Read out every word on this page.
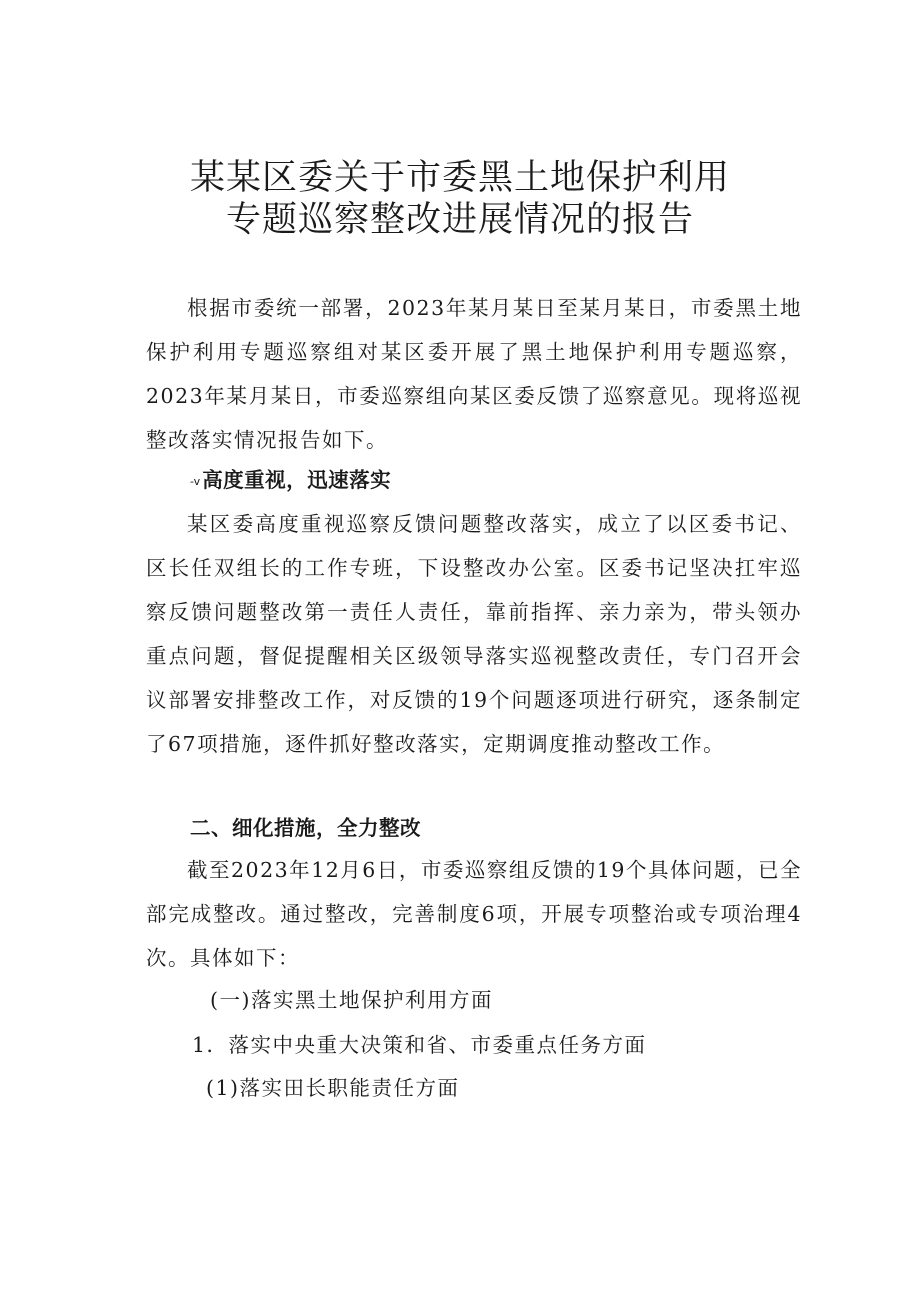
某某区委关于市委黑土地保护利用
专题巡察整改进展情况的报告

根据市委统一部署，2023年某月某日至某月某日，市委黑土地保护利用专题巡察组对某区委开展了黑土地保护利用专题巡察，2023年某月某日，市委巡察组向某区委反馈了巡察意见。现将巡视整改落实情况报告如下。

-v高度重视，迅速落实

某区委高度重视巡察反馈问题整改落实，成立了以区委书记、区长任双组长的工作专班，下设整改办公室。区委书记坚决扛牢巡察反馈问题整改第一责任人责任，靠前指挥、亲力亲为，带头领办重点问题，督促提醒相关区级领导落实巡视整改责任，专门召开会议部署安排整改工作，对反馈的19个问题逐项进行研究，逐条制定了67项措施，逐件抓好整改落实，定期调度推动整改工作。

二、细化措施，全力整改

截至2023年12月6日，市委巡察组反馈的19个具体问题，已全部完成整改。通过整改，完善制度6项，开展专项整治或专项治理4次。具体如下：

(一)落实黑土地保护利用方面

1．落实中央重大决策和省、市委重点任务方面

(1)落实田长职能责任方面
